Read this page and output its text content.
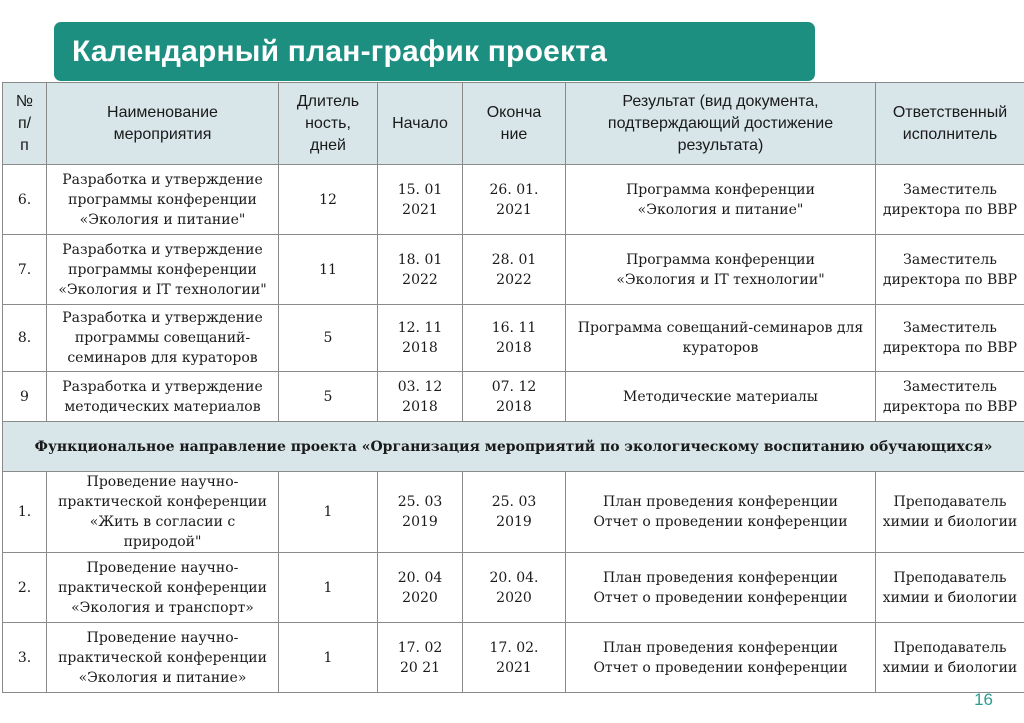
Календарный план-график проекта
№
п/
п	Наименование
мероприятия	Длитель
ность,
дней	Начало	Оконча
ние	Результат (вид документа,
подтверждающий достижение
результата)	Ответственный
исполнитель
6.	Разработка и утверждение
программы конференции
«Экология и питание"	12	15. 01
2021	26. 01.
2021	Программа конференции
«Экология и питание"	Заместитель
директора по ВВР
7.	Разработка и утверждение
программы конференции
«Экология и IT технологии"	11	18. 01
2022	28. 01
2022	Программа конференции
«Экология и IT технологии"	Заместитель
директора по ВВР
8.	Разработка и утверждение
программы совещаний-
семинаров для кураторов	5	12. 11
2018	16. 11
2018	Программа совещаний-семинаров для
кураторов	Заместитель
директора по ВВР
9	Разработка и утверждение
методических материалов	5	03. 12
2018	07. 12
2018	Методические материалы	Заместитель
директора по ВВР
Функциональное направление проекта «Организация мероприятий по экологическому воспитанию обучающихся»						
1.	Проведение научно-
практической конференции
«Жить в согласии с природой"	1	25. 03
2019	25. 03
2019	План проведения конференции
Отчет о проведении конференции	Преподаватель
химии и биологии
2.	Проведение научно-
практической конференции
«Экология и транспорт»	1	20. 04
2020	20. 04.
2020	План проведения конференции
Отчет о проведении конференции	Преподаватель
химии и биологии
3.	Проведение научно-
практической конференции
«Экология и питание»	1	17. 02
20 21	17. 02.
2021	План проведения конференции
Отчет о проведении конференции	Преподаватель
химии и биологии
16
